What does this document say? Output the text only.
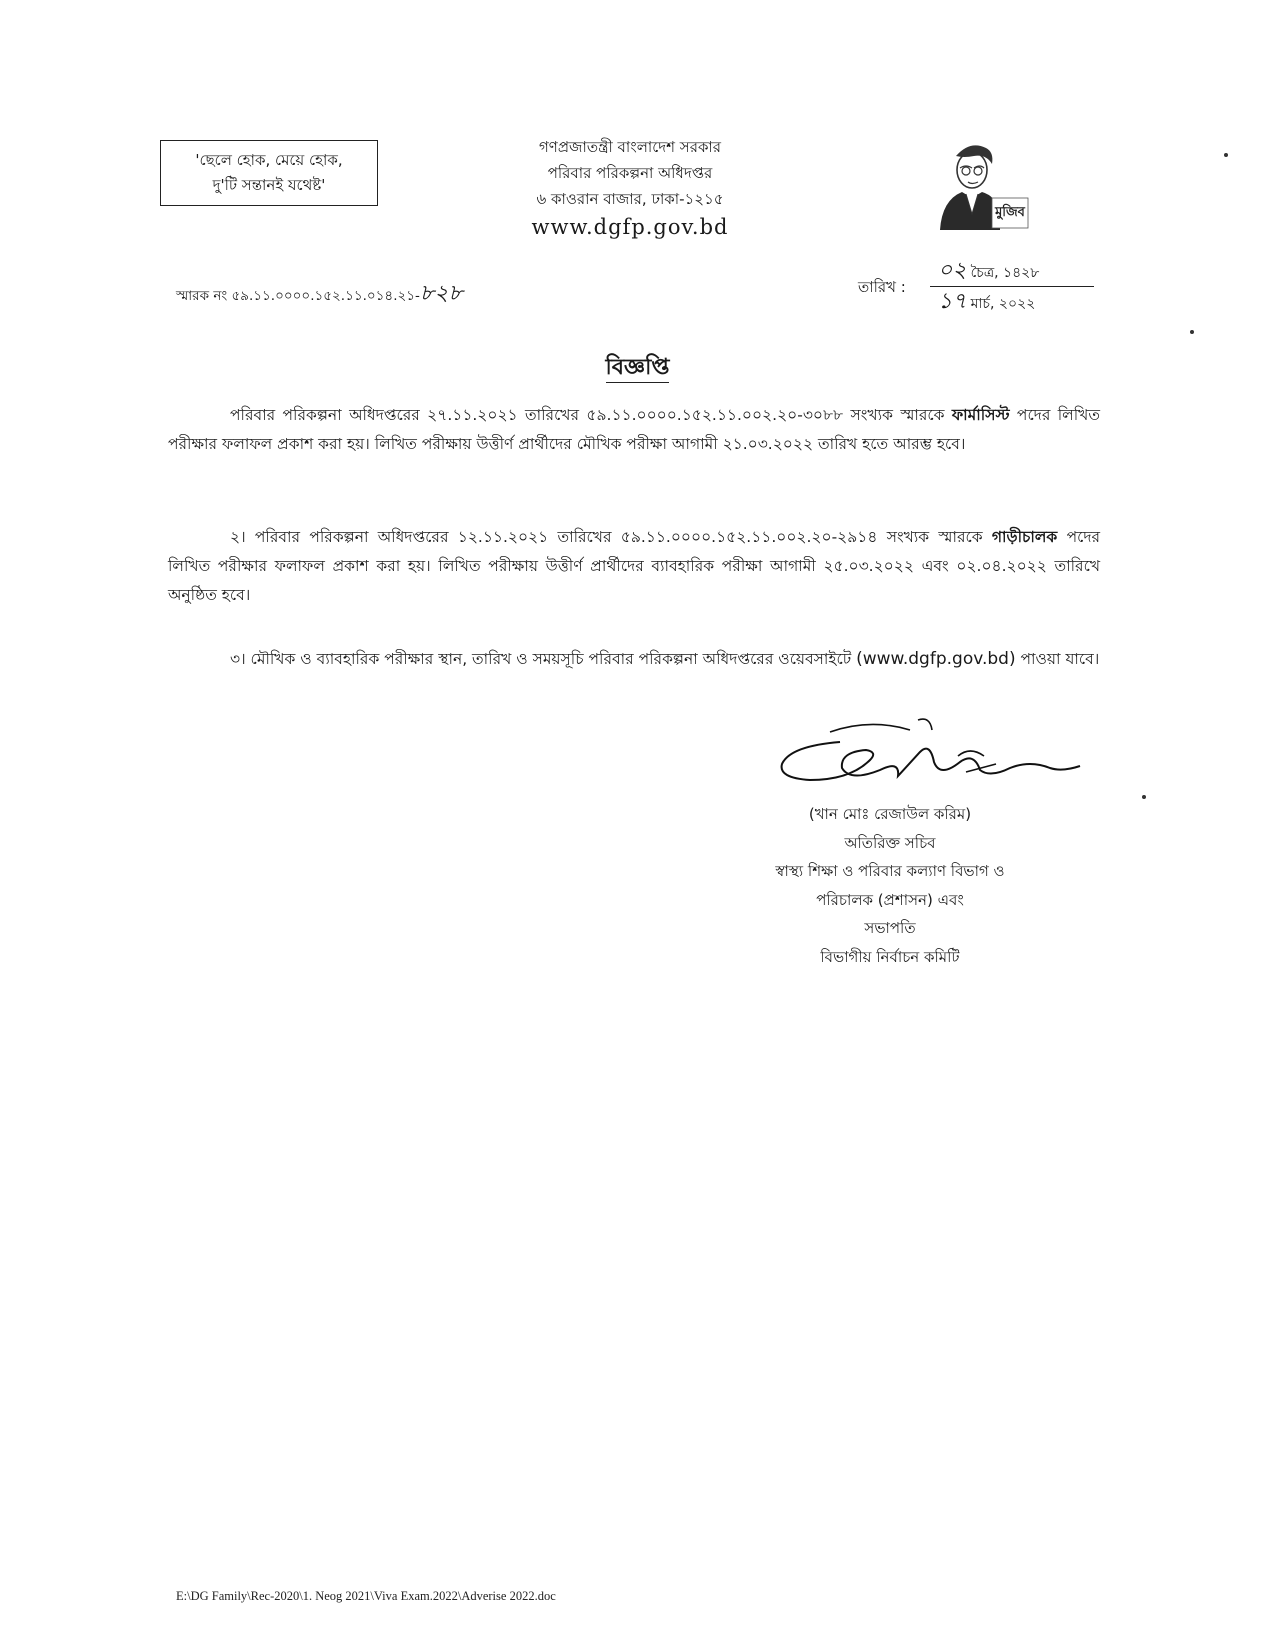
'ছেলে হোক, মেয়ে হোক,
দু'টি সন্তানই যথেষ্ট'
গণপ্রজাতন্ত্রী বাংলাদেশ সরকার
পরিবার পরিকল্পনা অধিদপ্তর
৬ কাওরান বাজার, ঢাকা-১২১৫
www.dgfp.gov.bd
মুজিব
স্মারক নং ৫৯.১১.০০০০.১৫২.১১.০১৪.২১-৮২৮	তারিখ :
০২ চৈত্র, ১৪২৮
১৭ মার্চ, ২০২২
বিজ্ঞপ্তি
পরিবার পরিকল্পনা অধিদপ্তরের ২৭.১১.২০২১ তারিখের ৫৯.১১.০০০০.১৫২.১১.০০২.২০-৩০৮৮ সংখ্যক স্মারকে ফার্মাসিস্ট পদের লিখিত পরীক্ষার ফলাফল প্রকাশ করা হয়। লিখিত পরীক্ষায় উত্তীর্ণ প্রার্থীদের মৌখিক পরীক্ষা আগামী ২১.০৩.২০২২ তারিখ হতে আরম্ভ হবে।
২। পরিবার পরিকল্পনা অধিদপ্তরের ১২.১১.২০২১ তারিখের ৫৯.১১.০০০০.১৫২.১১.০০২.২০-২৯১৪ সংখ্যক স্মারকে গাড়ীচালক পদের লিখিত পরীক্ষার ফলাফল প্রকাশ করা হয়। লিখিত পরীক্ষায় উত্তীর্ণ প্রার্থীদের ব্যাবহারিক পরীক্ষা আগামী ২৫.০৩.২০২২ এবং ০২.০৪.২০২২ তারিখে অনুষ্ঠিত হবে।
৩। মৌখিক ও ব্যাবহারিক পরীক্ষার স্থান, তারিখ ও সময়সূচি পরিবার পরিকল্পনা অধিদপ্তরের ওয়েবসাইটে (www.dgfp.gov.bd) পাওয়া যাবে।
(খান মোঃ রেজাউল করিম)
অতিরিক্ত সচিব
স্বাস্থ্য শিক্ষা ও পরিবার কল্যাণ বিভাগ ও
পরিচালক (প্রশাসন) এবং
সভাপতি
বিভাগীয় নির্বাচন কমিটি
E:\DG Family\Rec-2020\1. Neog 2021\Viva Exam.2022\Adverise 2022.doc
